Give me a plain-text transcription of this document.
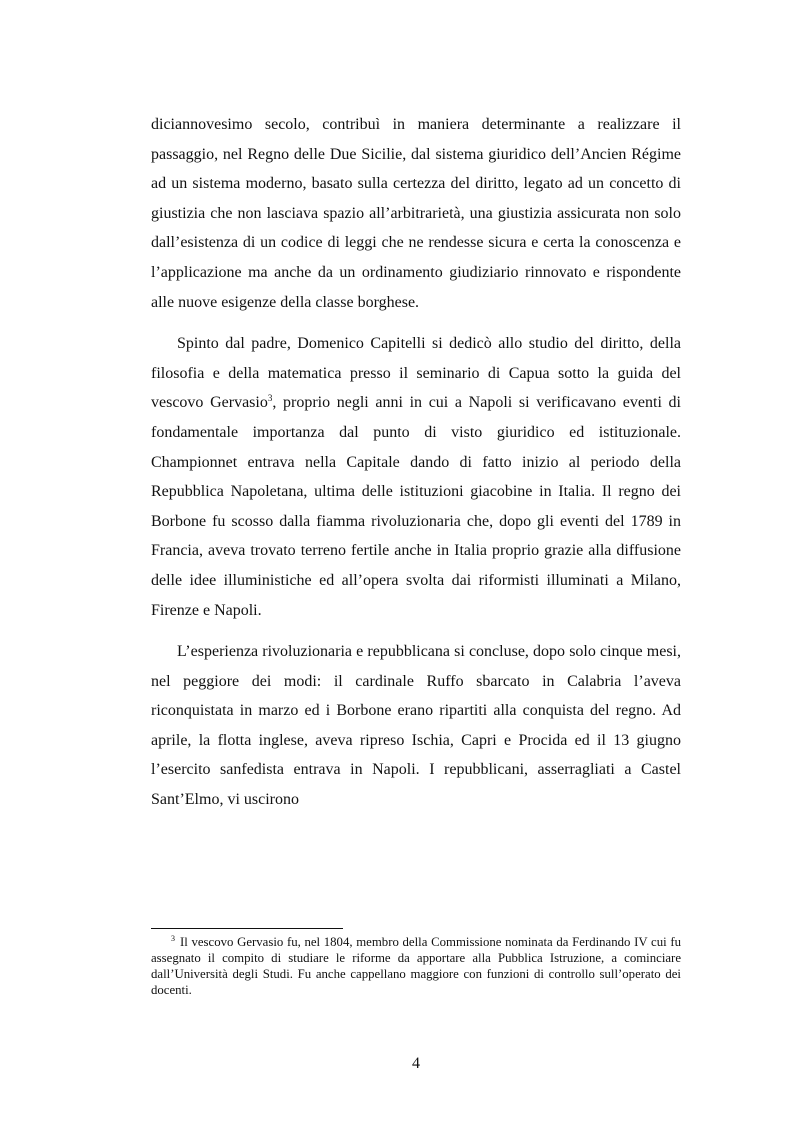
diciannovesimo secolo, contribuì in maniera determinante a realizzare il passaggio, nel Regno delle Due Sicilie, dal sistema giuridico dell’Ancien Régime ad un sistema moderno, basato sulla certezza del diritto, legato ad un concetto di giustizia che non lasciava spazio all’arbitrarietà, una giustizia assicurata non solo dall’esistenza di un codice di leggi che ne rendesse sicura e certa la conoscenza e l’applicazione ma anche da un ordinamento giudiziario rinnovato e rispondente alle nuove esigenze della classe borghese.

Spinto dal padre, Domenico Capitelli si dedicò allo studio del diritto, della filosofia e della matematica presso il seminario di Capua sotto la guida del vescovo Gervasio$^3$, proprio negli anni in cui a Napoli si verificavano eventi di fondamentale importanza dal punto di visto giuridico ed istituzionale. Championnet entrava nella Capitale dando di fatto inizio al periodo della Repubblica Napoletana, ultima delle istituzioni giacobine in Italia. Il regno dei Borbone fu scosso dalla fiamma rivoluzionaria che, dopo gli eventi del 1789 in Francia, aveva trovato terreno fertile anche in Italia proprio grazie alla diffusione delle idee illuministiche ed all’opera svolta dai riformisti illuminati a Milano, Firenze e Napoli.

L’esperienza rivoluzionaria e repubblicana si concluse, dopo solo cinque mesi, nel peggiore dei modi: il cardinale Ruffo sbarcato in Calabria l’aveva riconquistata in marzo ed i Borbone erano ripartiti alla conquista del regno. Ad aprile, la flotta inglese, aveva ripreso Ischia, Capri e Procida ed il 13 giugno l’esercito sanfedista entrava in Napoli. I repubblicani, asserragliati a Castel Sant’Elmo, vi uscirono

$^3$ Il vescovo Gervasio fu, nel 1804, membro della Commissione nominata da Ferdinando IV cui fu assegnato il compito di studiare le riforme da apportare alla Pubblica Istruzione, a cominciare dall’Università degli Studi. Fu anche cappellano maggiore con funzioni di controllo sull’operato dei docenti.

4
